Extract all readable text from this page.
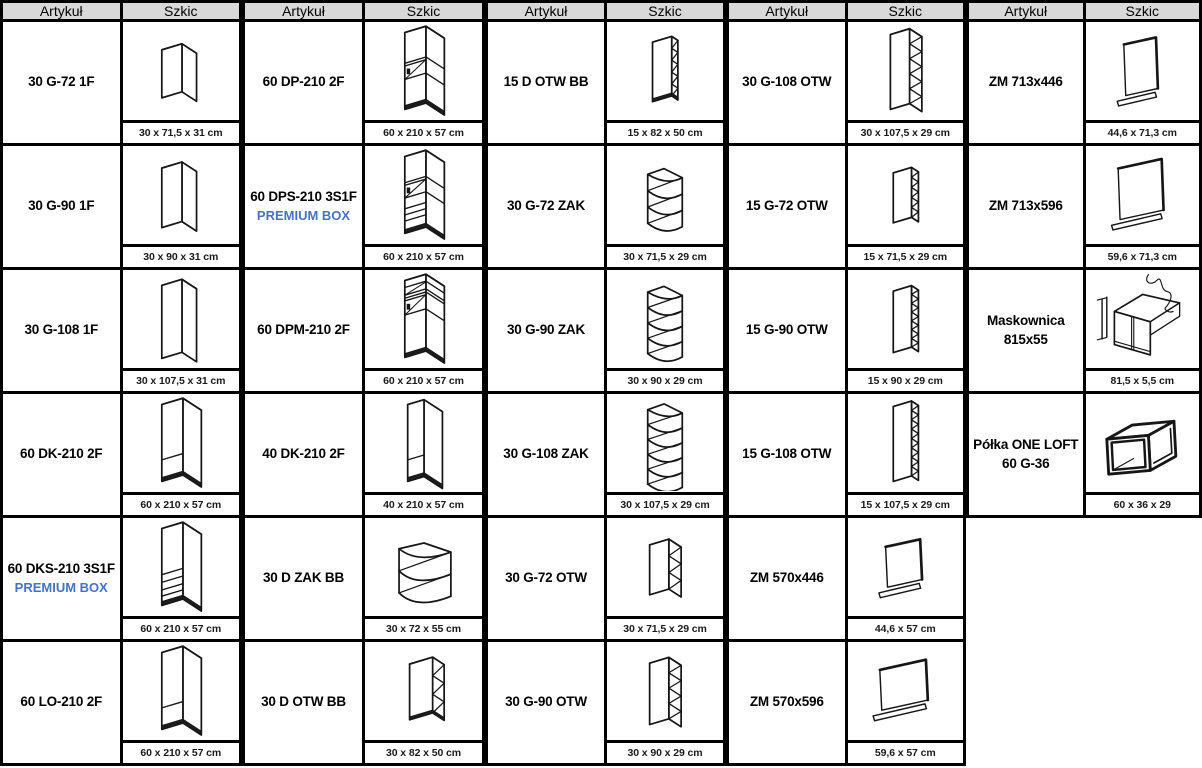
Artykuł	Szkic

30 G-72 1F	30 x 71,5 x 31 cm

30 G-90 1F	30 x 90 x 31 cm

30 G-108 1F	30 x 107,5 x 31 cm

60 DK-210 2F	60 x 210 x 57 cm

60 DKS-210 3S1F
PREMIUM BOX	60 x 210 x 57 cm

60 LO-210 2F	60 x 210 x 57 cm
Artykuł	Szkic

60 DP-210 2F	60 x 210 x 57 cm

60 DPS-210 3S1F
PREMIUM BOX	60 x 210 x 57 cm

60 DPM-210 2F	60 x 210 x 57 cm

40 DK-210 2F	40 x 210 x 57 cm

30 D ZAK BB	30 x 72 x 55 cm

30 D OTW BB	30 x 82 x 50 cm
Artykuł	Szkic

15 D OTW BB	15 x 82 x 50 cm

30 G-72 ZAK	30 x 71,5 x 29 cm

30 G-90 ZAK	30 x 90 x 29 cm

30 G-108 ZAK	30 x 107,5 x 29 cm

30 G-72 OTW	30 x 71,5 x 29 cm

30 G-90 OTW	30 x 90 x 29 cm
Artykuł	Szkic

30 G-108 OTW	30 x 107,5 x 29 cm

15 G-72 OTW	15 x 71,5 x 29 cm

15 G-90 OTW	15 x 90 x 29 cm

15 G-108 OTW	15 x 107,5 x 29 cm

ZM 570x446	44,6 x 57 cm

ZM 570x596	59,6 x 57 cm
Artykuł	Szkic

ZM 713x446	44,6 x 71,3 cm

ZM 713x596	59,6 x 71,3 cm

Maskownica
815x55	81,5 x 5,5 cm

Półka ONE LOFT
60 G-36	60 x 36 x 29
